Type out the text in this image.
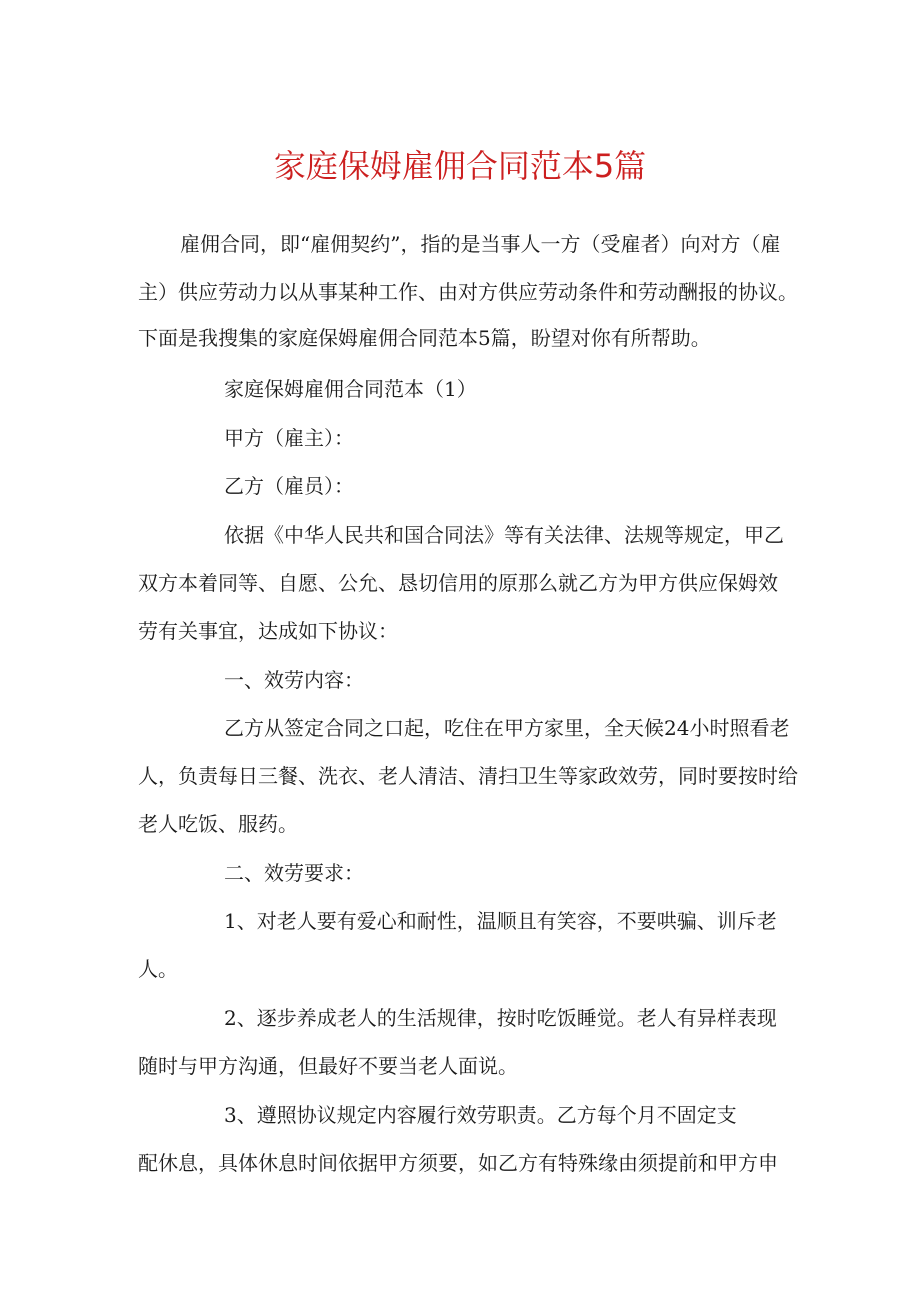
家庭保姆雇佣合同范本5篇
雇佣合同，即“雇佣契约”，指的是当事人一方（受雇者）向对方（雇
主）供应劳动力以从事某种工作、由对方供应劳动条件和劳动酬报的协议。
下面是我搜集的家庭保姆雇佣合同范本5篇，盼望对你有所帮助。
家庭保姆雇佣合同范本（1）
甲方（雇主）：
乙方（雇员）：
依据《中华人民共和国合同法》等有关法律、法规等规定，甲乙
双方本着同等、自愿、公允、恳切信用的原那么就乙方为甲方供应保姆效
劳有关事宜，达成如下协议：
一、效劳内容：
乙方从签定合同之口起，吃住在甲方家里，全天候24小时照看老
人，负责每日三餐、洗衣、老人清洁、清扫卫生等家政效劳，同时要按时给
老人吃饭、服药。
二、效劳要求：
1、对老人要有爱心和耐性，温顺且有笑容，不要哄骗、训斥老
人。
2、逐步养成老人的生活规律，按时吃饭睡觉。老人有异样表现
随时与甲方沟通，但最好不要当老人面说。
3、遵照协议规定内容履行效劳职责。乙方每个月不固定支
配休息，具体休息时间依据甲方须要，如乙方有特殊缘由须提前和甲方申
